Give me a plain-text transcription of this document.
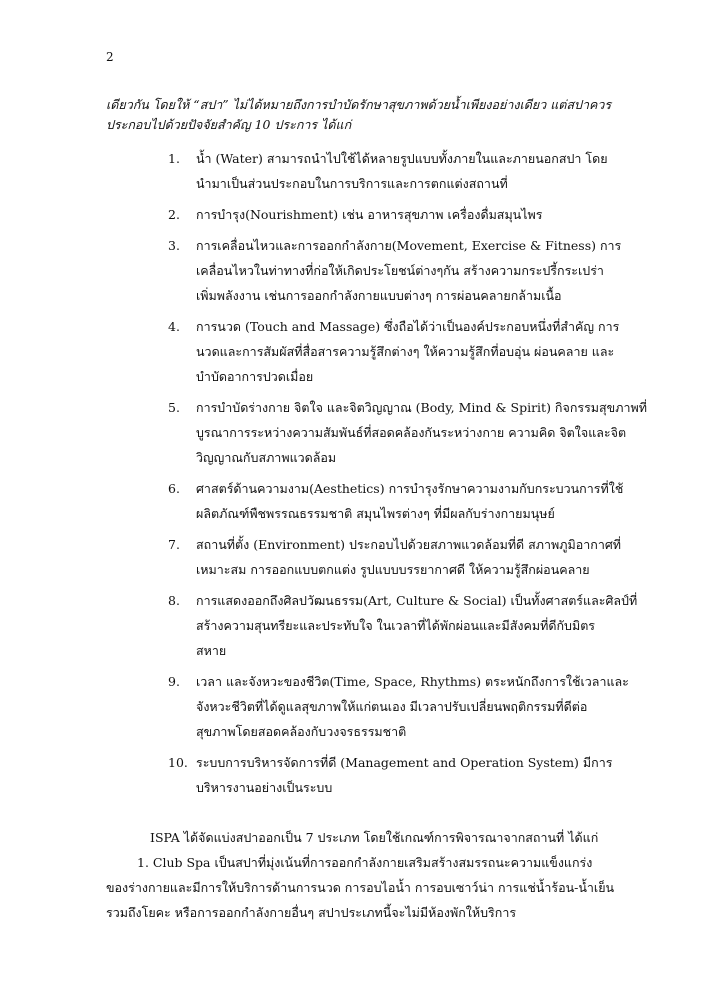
2

เดียวกัน โดยให้ “สปา” ไม่ได้หมายถึงการบำบัดรักษาสุขภาพด้วยน้ำเพียงอย่างเดียว แต่สปาควร

ประกอบไปด้วยปัจจัยสำคัญ 10 ประการ ได้แก่

1.	น้ำ (Water) สามารถนำไปใช้ได้หลายรูปแบบทั้งภายในและภายนอกสปา โดย
นำมาเป็นส่วนประกอบในการบริการและการตกแต่งสถานที่
2.	การบำรุง(Nourishment) เช่น อาหารสุขภาพ เครื่องดื่มสมุนไพร
3.	การเคลื่อนไหวและการออกกำลังกาย(Movement, Exercise & Fitness) การ
เคลื่อนไหวในท่าทางที่ก่อให้เกิดประโยชน์ต่างๆกัน สร้างความกระปรี้กระเปร่า
เพิ่มพลังงาน เช่นการออกกำลังกายแบบต่างๆ การผ่อนคลายกล้ามเนื้อ
4.	การนวด (Touch and Massage) ซึ่งถือได้ว่าเป็นองค์ประกอบหนึ่งที่สำคัญ การ
นวดและการสัมผัสที่สื่อสารความรู้สึกต่างๆ ให้ความรู้สึกที่อบอุ่น ผ่อนคลาย และ
บำบัดอาการปวดเมื่อย
5.	การบำบัดร่างกาย จิตใจ และจิตวิญญาณ (Body, Mind & Spirit) กิจกรรมสุขภาพที่
บูรณาการระหว่างความสัมพันธ์ที่สอดคล้องกันระหว่างกาย ความคิด จิตใจและจิต
วิญญาณกับสภาพแวดล้อม
6.	ศาสตร์ด้านความงาม(Aesthetics) การบำรุงรักษาความงามกับกระบวนการที่ใช้
ผลิตภัณฑ์พืชพรรณธรรมชาติ สมุนไพรต่างๆ ที่มีผลกับร่างกายมนุษย์
7.	สถานที่ตั้ง (Environment) ประกอบไปด้วยสภาพแวดล้อมที่ดี สภาพภูมิอากาศที่
เหมาะสม การออกแบบตกแต่ง รูปแบบบรรยากาศดี ให้ความรู้สึกผ่อนคลาย
8.	การแสดงออกถึงศิลปวัฒนธรรม(Art, Culture & Social) เป็นทั้งศาสตร์และศิลป์ที่
สร้างความสุนทรียะและประทับใจ ในเวลาที่ได้พักผ่อนและมีสังคมที่ดีกับมิตร
สหาย
9.	เวลา และจังหวะของชีวิต(Time, Space, Rhythms) ตระหนักถึงการใช้เวลาและ
จังหวะชีวิตที่ได้ดูแลสุขภาพให้แก่ตนเอง มีเวลาปรับเปลี่ยนพฤติกรรมที่ดีต่อ
สุขภาพโดยสอดคล้องกับวงจรธรรมชาติ
10. ระบบการบริหารจัดการที่ดี (Management and Operation System) มีการ
บริหารงานอย่างเป็นระบบ

ISPA ได้จัดแบ่งสปาออกเป็น 7 ประเภท โดยใช้เกณฑ์การพิจารณาจากสถานที่ ได้แก่

1. Club Spa เป็นสปาที่มุ่งเน้นที่การออกกำลังกายเสริมสร้างสมรรถนะความแข็งแกร่ง

ของร่างกายและมีการให้บริการด้านการนวด การอบไอน้ำ การอบเซาว์น่า การแช่น้ำร้อน-น้ำเย็น

รวมถึงโยคะ หรือการออกกำลังกายอื่นๆ สปาประเภทนี้จะไม่มีห้องพักให้บริการ
